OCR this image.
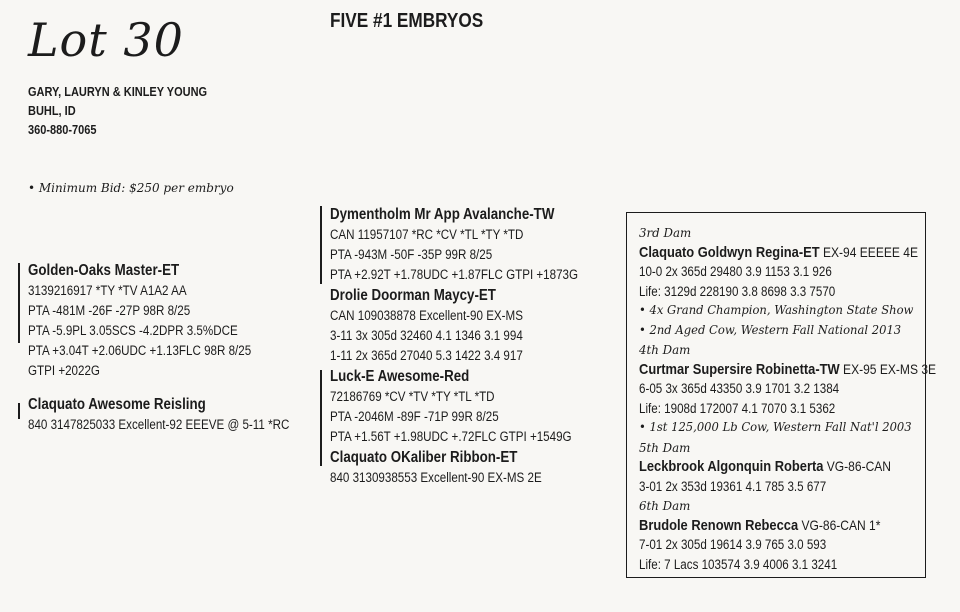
Lot 30	FIVE #1 EMBRYOS
GARY, LAURYN & KINLEY YOUNG
BUHL, ID
360-880-7065
• Minimum Bid: $250 per embryo
Golden-Oaks Master-ET
3139216917 *TY *TV A1A2 AA
PTA -481M -26F -27P 98R 8/25
PTA -5.9PL 3.05SCS -4.2DPR 3.5%DCE
PTA +3.04T +2.06UDC +1.13FLC 98R 8/25
GTPI +2022G
Claquato Awesome Reisling
840 3147825033 Excellent-92 EEEVE @ 5-11 *RC
Dymentholm Mr App Avalanche-TW
CAN 11957107 *RC *CV *TL *TY *TD
PTA -943M -50F -35P 99R 8/25
PTA +2.92T +1.78UDC +1.87FLC GTPI +1873G
Drolie Doorman Maycy-ET
CAN 109038878 Excellent-90 EX-MS
3-11 3x 305d 32460 4.1 1346 3.1 994
1-11 2x 365d 27040 5.3 1422 3.4 917
Luck-E Awesome-Red
72186769 *CV *TV *TY *TL *TD
PTA -2046M -89F -71P 99R 8/25
PTA +1.56T +1.98UDC +.72FLC GTPI +1549G
Claquato OKaliber Ribbon-ET
840 3130938553 Excellent-90 EX-MS 2E
3rd Dam
Claquato Goldwyn Regina-ET EX-94 EEEEE 4E
10-0 2x 365d 29480 3.9 1153 3.1 926
Life: 3129d 228190 3.8 8698 3.3 7570
• 4x Grand Champion, Washington State Show
• 2nd Aged Cow, Western Fall National 2013
4th Dam
Curtmar Supersire Robinetta-TW EX-95 EX-MS 3E
6-05 3x 365d 43350 3.9 1701 3.2 1384
Life: 1908d 172007 4.1 7070 3.1 5362
• 1st 125,000 Lb Cow, Western Fall Nat'l 2003
5th Dam
Leckbrook Algonquin Roberta VG-86-CAN
3-01 2x 353d 19361 4.1 785 3.5 677
6th Dam
Brudole Renown Rebecca VG-86-CAN 1*
7-01 2x 305d 19614 3.9 765 3.0 593
Life: 7 Lacs 103574 3.9 4006 3.1 3241
